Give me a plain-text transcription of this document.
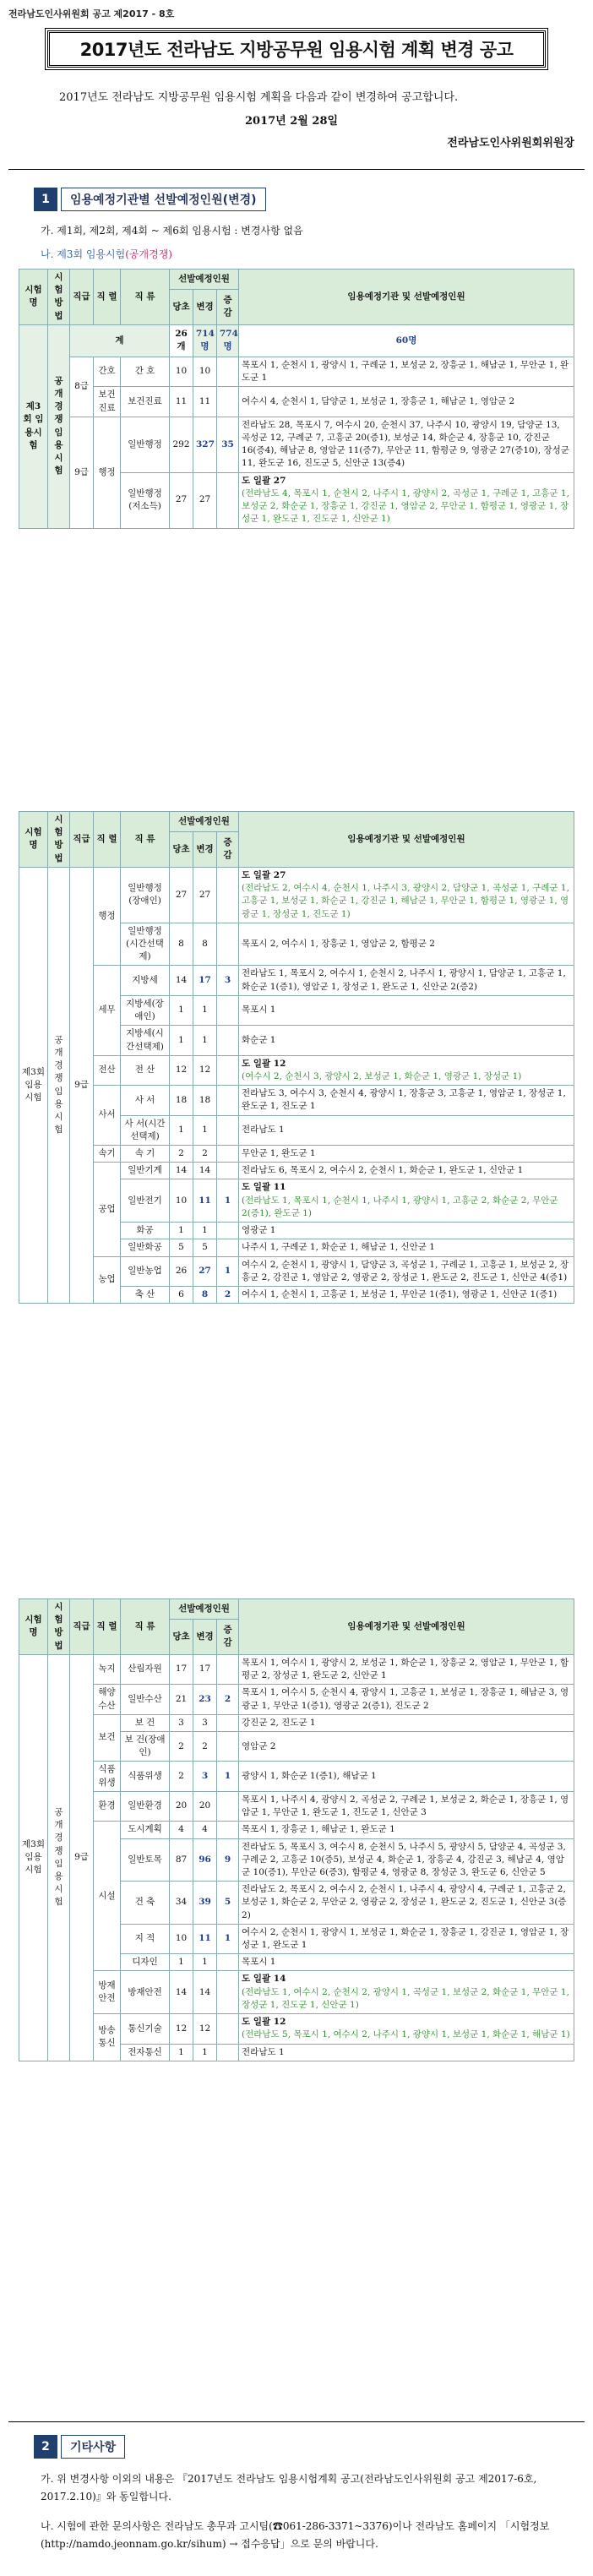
전라남도인사위원회 공고 제2017 - 8호
2017년도 전라남도 지방공무원 임용시험 계획 변경 공고
2017년도 전라남도 지방공무원 임용시험 계획을 다음과 같이 변경하여 공고합니다.
2017년 2월 28일
전라남도인사위원회위원장
1	임용예정기관별 선발예정인원(변경)
가. 제1회, 제2회, 제4회 ~ 제6회 임용시험 : 변경사항 없음
나. 제3회 임용시험(공개경쟁)
시험명	시험방법	직급	직 렬	직 류	선발예정인원			임용예정기관 및 선발예정인원
					당초	변경	증감	
제3회 임용시험	공개경쟁임용시험	계			26개	714명	774명	60명
		8급	간호	간 호	10	10		목포시 1, 순천시 1, 광양시 1, 구례군 1, 보성군 2, 장흥군 1, 해남군 1, 무안군 1, 완도군 1
			보건진료	보건진료	11	11		여수시 4, 순천시 1, 담양군 1, 보성군 1, 장흥군 1, 해남군 1, 영암군 2
		9급	행정	일반행정	292	327	35	전라남도 28, 목포시 7, 여수시 20, 순천시 37, 나주시 10, 광양시 19, 담양군 13, 곡성군 12, 구례군 7, 고흥군 20(증1), 보성군 14, 화순군 4, 장흥군 10, 강진군 16(증4), 해남군 8, 영암군 11(증7), 무안군 11, 함평군 9, 영광군 27(증10), 장성군 11, 완도군 16, 진도군 5, 신안군 13(증4)
				일반행정(저소득)	27	27		도 일괄 27
(전라남도 4, 목포시 1, 순천시 2, 나주시 1, 광양시 2, 곡성군 1, 구례군 1, 고흥군 1, 보성군 2, 화순군 1, 장흥군 1, 강진군 1, 영암군 2, 무안군 1, 함평군 1, 영광군 1, 장성군 1, 완도군 1, 진도군 1, 신안군 1)
시험명	시험방법	직급	직 렬	직 류	선발예정인원			임용예정기관 및 선발예정인원
					당초	변경	증감	
제3회 임용시험	공개경쟁임용시험	9급	행정	일반행정(장애인)	27	27		도 일괄 27
(전라남도 2, 여수시 4, 순천시 1, 나주시 3, 광양시 2, 담양군 1, 곡성군 1, 구례군 1, 고흥군 1, 보성군 1, 화순군 1, 강진군 1, 해남군 1, 무안군 1, 함평군 1, 영광군 1, 영광군 1, 장성군 1, 진도군 1)

				일반행정(시간선택제)	8	8		목포시 2, 여수시 1, 장흥군 1, 영암군 2, 함평군 2
			세무	지방세	14	17	3	전라남도 1, 목포시 2, 여수시 1, 순천시 2, 나주시 1, 광양시 1, 담양군 1, 고흥군 1, 화순군 1(증1), 영암군 1, 장성군 1, 완도군 1, 신안군 2(증2)
				지방세(장애인)	1	1		목포시 1
				지방세(시간선택제)	1	1		화순군 1
			전산	전 산	12	12		도 일괄 12
(여수시 2, 순천시 3, 광양시 2, 보성군 1, 화순군 1, 영광군 1, 장성군 1)

			사서	사 서	18	18		전라남도 3, 여수시 3, 순천시 4, 광양시 1, 장흥군 3, 고흥군 1, 영암군 1, 장성군 1, 완도군 1, 진도군 1
				사 서(시간선택제)	1	1		전라남도 1
			속기	속 기	2	2		무안군 1, 완도군 1
			공업	일반기계	14	14		전라남도 6, 목포시 2, 여수시 2, 순천시 1, 화순군 1, 완도군 1, 신안군 1
				일반전기	10	11	1	도 일괄 11
(전라남도 1, 목포시 1, 순천시 1, 나주시 1, 광양시 1, 고흥군 2, 화순군 2, 무안군 2(증1), 완도군 1)

				화공	1	1		영광군 1
				일반화공	5	5		나주시 1, 구례군 1, 화순군 1, 해남군 1, 신안군 1
			농업	일반농업	26	27	1	여수시 2, 순천시 1, 광양시 1, 담양군 3, 곡성군 1, 구례군 1, 고흥군 1, 보성군 2, 장흥군 2, 강진군 1, 영암군 2, 영광군 2, 장성군 1, 완도군 2, 진도군 1, 신안군 4(증1)
				축 산	6	8	2	여수시 1, 순천시 1, 고흥군 1, 보성군 1, 무안군 1(증1), 영광군 1, 신안군 1(증1)
시험명	시험방법	직급	직 렬	직 류	선발예정인원			임용예정기관 및 선발예정인원
					당초	변경	증감	
제3회 임용시험	공개경쟁임용시험	9급	녹지	산림자원	17	17		목포시 1, 여수시 1, 광양시 2, 보성군 1, 화순군 1, 장흥군 2, 영암군 1, 무안군 1, 함평군 2, 장성군 1, 완도군 2, 신안군 1
			해양수산	일반수산	21	23	2	목포시 1, 여수시 5, 순천시 4, 광양시 1, 고흥군 1, 보성군 1, 장흥군 1, 해남군 3, 영광군 1, 무안군 1(증1), 영광군 2(증1), 진도군 2
			보건	보 건	3	3		강진군 2, 진도군 1
				보 건(장애인)	2	2		영암군 2
			식품위생	식품위생	2	3	1	광양시 1, 화순군 1(증1), 해남군 1
			환경	일반환경	20	20		목포시 1, 나주시 4, 광양시 2, 곡성군 2, 구례군 1, 보성군 2, 화순군 1, 장흥군 1, 영암군 1, 무안군 1, 완도군 1, 진도군 1, 신안군 3
			시설	도시계획	4	4		목포시 1, 장흥군 1, 해남군 1, 완도군 1
				일반토목	87	96	9	전라남도 5, 목포시 3, 여수시 8, 순천시 5, 나주시 5, 광양시 5, 담양군 4, 곡성군 3, 구례군 2, 고흥군 10(증5), 보성군 4, 화순군 1, 장흥군 4, 강진군 3, 해남군 4, 영암군 10(증1), 무안군 6(증3), 함평군 4, 영광군 8, 장성군 3, 완도군 6, 신안군 5
				건 축	34	39	5	전라남도 2, 목포시 2, 여수시 2, 순천시 1, 나주시 4, 광양시 4, 구례군 1, 고흥군 2, 보성군 1, 화순군 2, 무안군 2, 영광군 2, 장성군 1, 완도군 2, 진도군 1, 신안군 3(증2)
				지 적	10	11	1	여수시 2, 순천시 1, 광양시 1, 보성군 1, 화순군 1, 장흥군 1, 강진군 1, 영암군 1, 장성군 1, 완도군 1
				디자인	1	1		목포시 1
			방재안전	방재안전	14	14		도 일괄 14
(전라남도 1, 여수시 2, 순천시 2, 광양시 1, 곡성군 1, 보성군 2, 화순군 1, 무안군 1, 장성군 1, 진도군 1, 신안군 1)

			방송통신	통신기술	12	12		도 일괄 12
(전라남도 5, 목포시 1, 여수시 2, 나주시 1, 광양시 1, 보성군 1, 화순군 1, 해남군 1)

				전자통신	1	1		전라남도 1
2	기타사항
가. 위 변경사항 이외의 내용은 『2017년도 전라남도 임용시험계획 공고(전라남도인사위원회 공고 제2017-6호, 2017.2.10)』와 동일합니다.
나. 시험에 관한 문의사항은 전라남도 총무과 고시팀(☎061-286-3371~3376)이나 전라남도 홈페이지 「시험정보(http://namdo.jeonnam.go.kr/sihum) → 접수응답」으로 문의 바랍니다.
